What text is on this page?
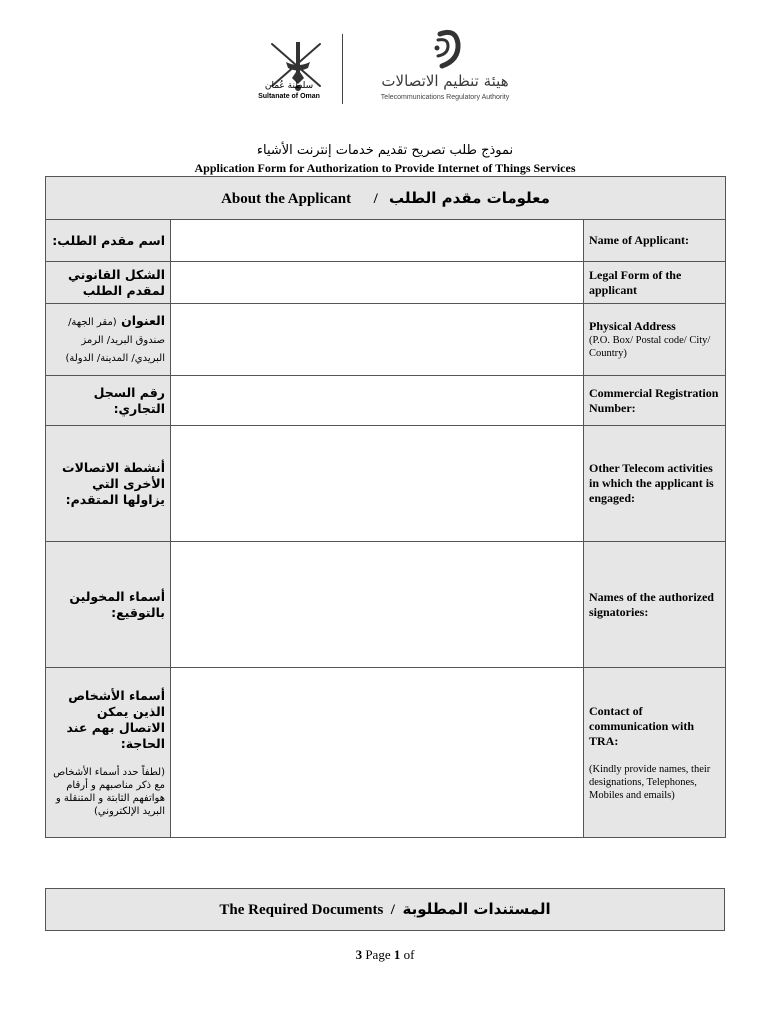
سلطنة عُمان
Sultanate of Oman
هيئة تنظيم الاتصالات
Telecommunications Regulatory Authority
نموذج طلب تصريح تقديم خدمات إنترنت الأشياء
Application Form for Authorization to Provide Internet of Things Services
About the Applicant / معلومات مقدم الطلب		
اسم مقدم الطلب:		Name of Applicant:
الشكل القانوني لمقدم الطلب		Legal Form of the applicant
العنوان (مقر الجهة/ صندوق البريد/ الرمز البريدي/ المدينة/ الدولة)		Physical Address
(P.O. Box/ Postal code/ City/ Country)

رقم السجل التجاري:		Commercial Registration Number:
أنشطة الاتصالات الأخرى التي يزاولها المتقدم:		Other Telecom activities in which the applicant is engaged:
أسماء المخولين بالتوقيع:		Names of the authorized signatories:
أسماء الأشخاص الذين يمكن الاتصال بهم عند الحاجة:
(لطفاً حدد أسماء الأشخاص مع ذكر مناصبهم و أرقام هواتفهم الثابتة و المتنقلة و البريد الإلكتروني)		Contact of communication with TRA:
(Kindly provide names, their designations, Telephones, Mobiles and emails)
The Required Documents / المستندات المطلوبة
3 Page 1 of
